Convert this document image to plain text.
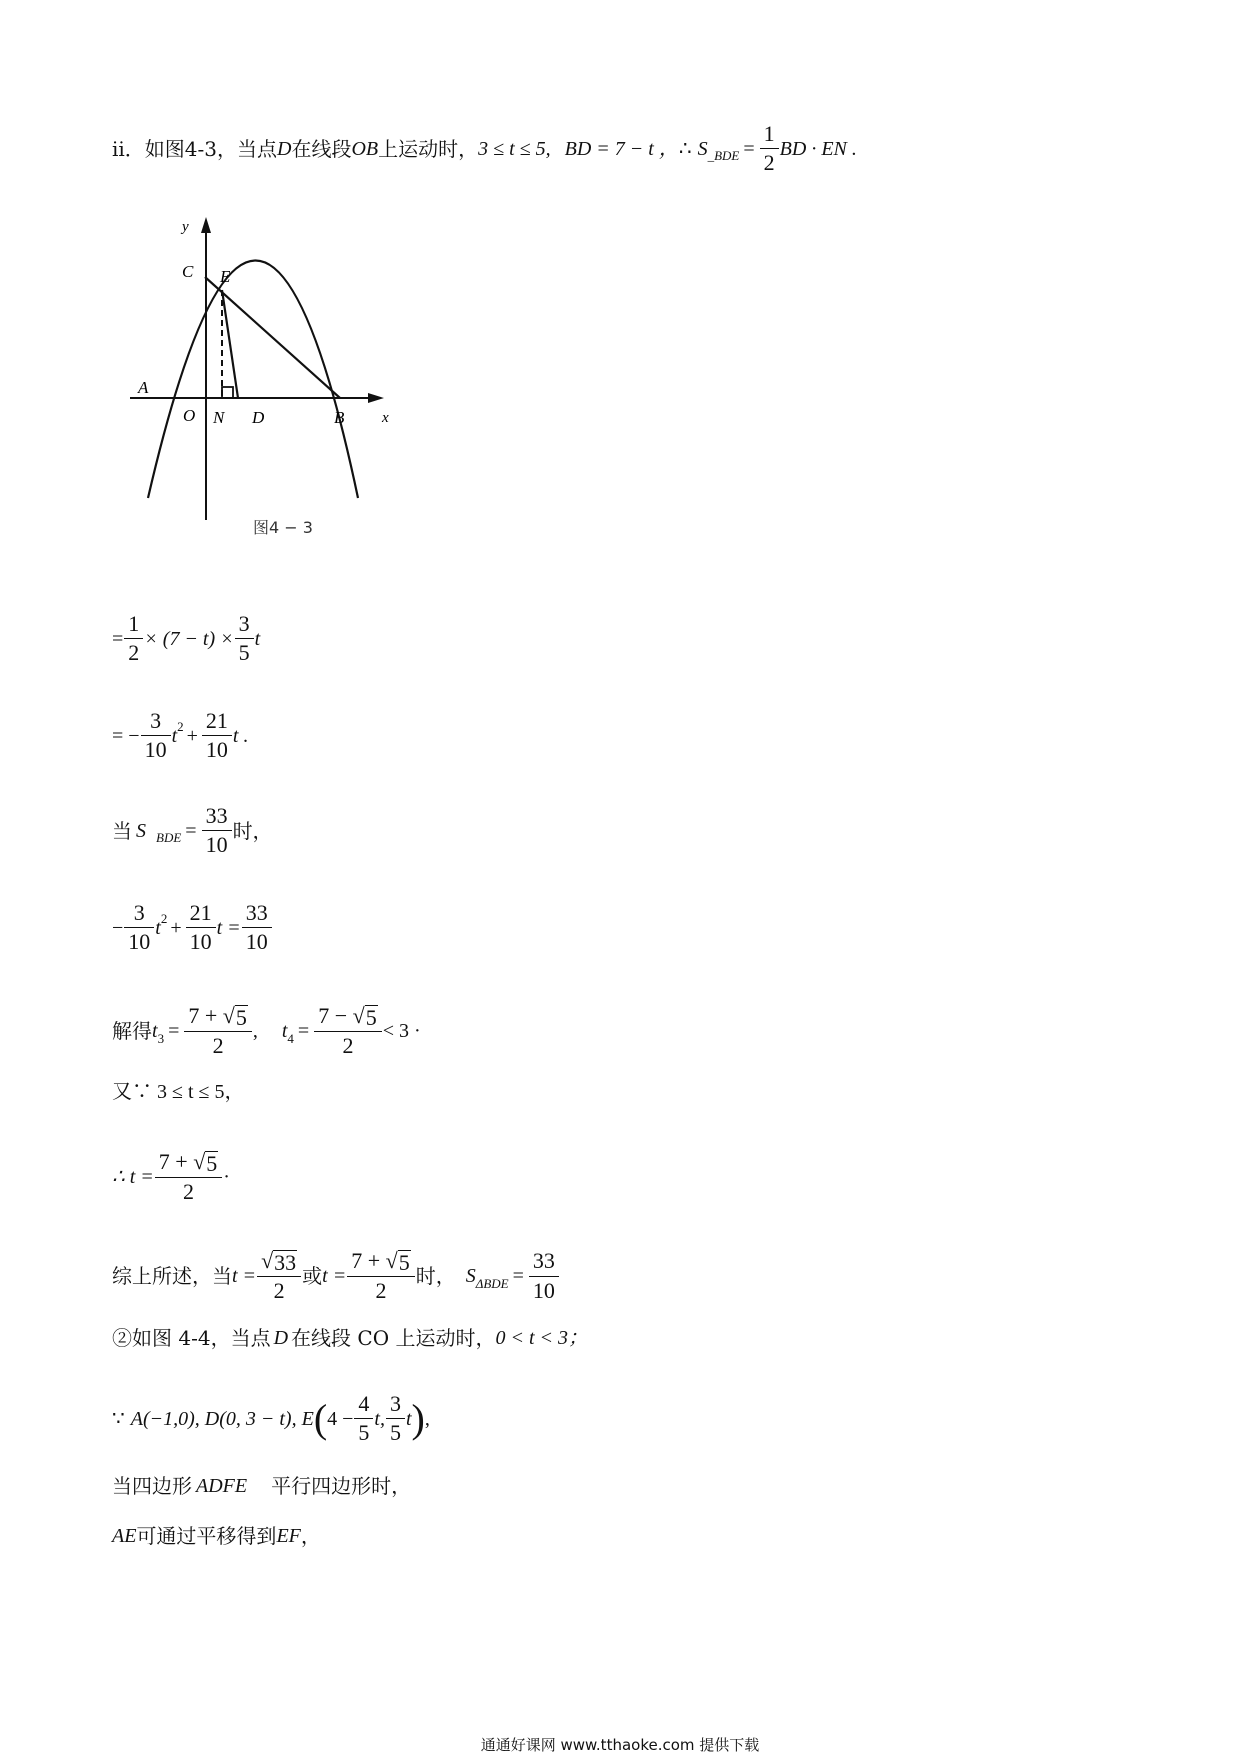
ii．如图4-3，当点 D 在线段 OB 上运动时， 3 ≤ t ≤ 5, BD = 7 − t ， ∴ S _BDE = $\frac{1}{2}$ BD · EN .
y
x
C E
A
O N D	B
图4 − 3
= $\frac{1}{2} \times (7 - t) \times \frac{3}{5}$ t
= − $\frac{3}{10}$ t $2 + \frac{21}{10}$ t .
当 S BDE = $\frac{33}{10}$ 时，
− $\frac{3}{10}$ t $2 + \frac{21}{10}$ $t = \frac{33}{10}$
解得 t $3 = \frac{7 + √ 5}{2}$ , t $4 = \frac{7 - √ 5}{2} < 3$ ·
又∵ 3 ≤ t ≤ 5，
∴ $t = \frac{7 + √ 5}{2}$ ·
综上所述，当 $t = \frac{√ 33}{2}$ 或 $t = \frac{7 + √ 5}{2}$ 时， S $\Delta BDE = \frac{33}{10}$
②如图 4-4，当点 D 在线段 CO 上运动时， 0 < t < 3；
∵ A(−1,0), D(0, 3 − t), E ( $4 - \frac{4}{5} t$, $\frac{3}{5}$ t ) ,
当四边形 ADFE 平行四边形时，
AE 可通过平移得到 EF ，
通通好课网 www.tthaoke.com 提供下载
